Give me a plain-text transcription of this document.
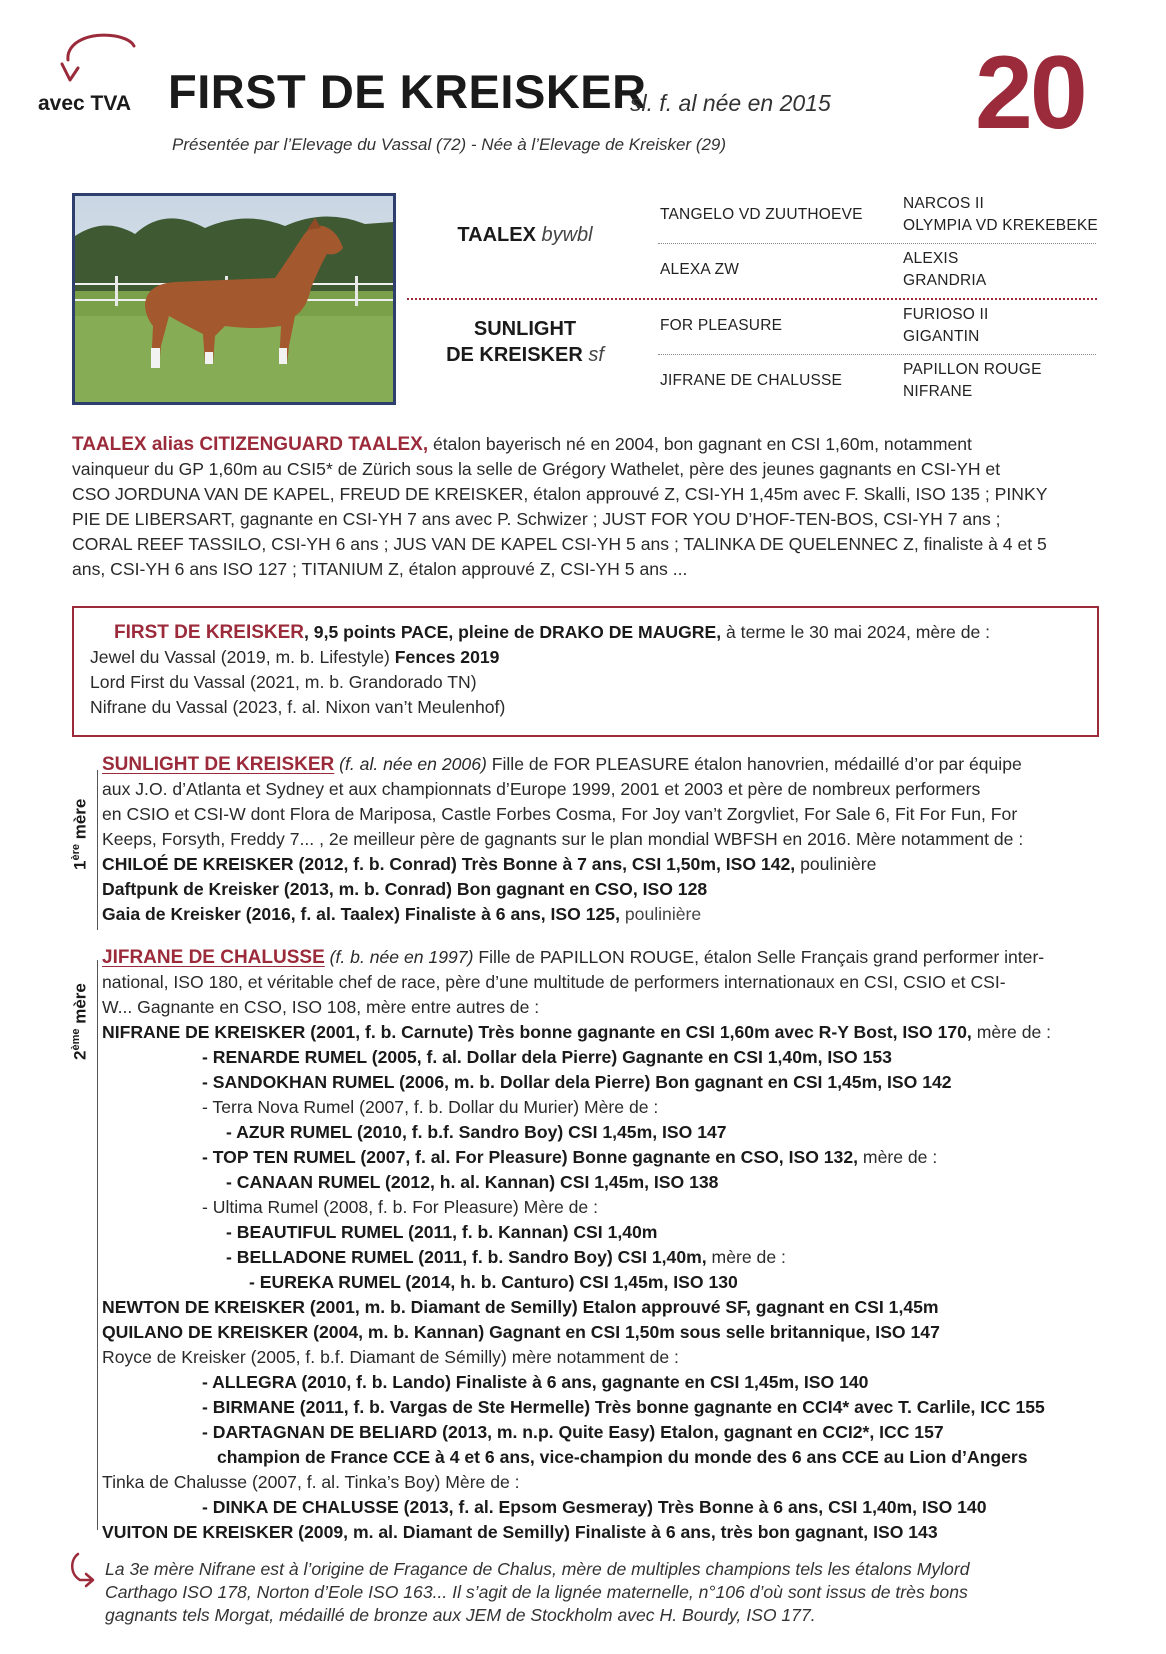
avec TVA FIRST DE KREISKER
sl. f. al née en 2015
Présentée par l’Elevage du Vassal (72) - Née à l’Elevage de Kreisker (29) 20
TAALEX bywbl
SUNLIGHT
DE KREISKER sf
TANGELO VD ZUUTHOEVE
ALEXA ZW
FOR PLEASURE
JIFRANE DE CHALUSSE
NARCOS II
OLYMPIA VD KREKEBEKE
ALEXIS
GRANDRIA
FURIOSO II
GIGANTIN
PAPILLON ROUGE
NIFRANE
TAALEX alias CITIZENGUARD TAALEX, étalon bayerisch né en 2004, bon gagnant en CSI 1,60m, notamment
vainqueur du GP 1,60m au CSI5* de Zürich sous la selle de Grégory Wathelet, père des jeunes gagnants en CSI-YH et
CSO JORDUNA VAN DE KAPEL, FREUD DE KREISKER, étalon approuvé Z, CSI-YH 1,45m avec F. Skalli, ISO 135 ; PINKY
PIE DE LIBERSART, gagnante en CSI-YH 7 ans avec P. Schwizer ; JUST FOR YOU D’HOF-TEN-BOS, CSI-YH 7 ans ;
CORAL REEF TASSILO, CSI-YH 6 ans ; JUS VAN DE KAPEL CSI-YH 5 ans ; TALINKA DE QUELENNEC Z, finaliste à 4 et 5
ans, CSI-YH 6 ans ISO 127 ; TITANIUM Z, étalon approuvé Z, CSI-YH 5 ans ...
FIRST DE KREISKER, 9,5 points PACE, pleine de DRAKO DE MAUGRE, à terme le 30 mai 2024, mère de :
Jewel du Vassal (2019, m. b. Lifestyle) Fences 2019
Lord First du Vassal (2021, m. b. Grandorado TN)
Nifrane du Vassal (2023, f. al. Nixon van’t Meulenhof)
1ère mère
SUNLIGHT DE KREISKER (f. al. née en 2006) Fille de FOR PLEASURE étalon hanovrien, médaillé d’or par équipe
aux J.O. d’Atlanta et Sydney et aux championnats d’Europe 1999, 2001 et 2003 et père de nombreux performers
en CSIO et CSI-W dont Flora de Mariposa, Castle Forbes Cosma, For Joy van’t Zorgvliet, For Sale 6, Fit For Fun, For
Keeps, Forsyth, Freddy 7... , 2e meilleur père de gagnants sur le plan mondial WBFSH en 2016. Mère notamment de :
CHILOÉ DE KREISKER (2012, f. b. Conrad) Très Bonne à 7 ans, CSI 1,50m, ISO 142, poulinière
Daftpunk de Kreisker (2013, m. b. Conrad) Bon gagnant en CSO, ISO 128
Gaia de Kreisker (2016, f. al. Taalex) Finaliste à 6 ans, ISO 125, poulinière
2ème mère
JIFRANE DE CHALUSSE (f. b. née en 1997) Fille de PAPILLON ROUGE, étalon Selle Français grand performer inter-
national, ISO 180, et véritable chef de race, père d’une multitude de performers internationaux en CSI, CSIO et CSI-
W... Gagnante en CSO, ISO 108, mère entre autres de :
NIFRANE DE KREISKER (2001, f. b. Carnute) Très bonne gagnante en CSI 1,60m avec R-Y Bost, ISO 170, mère de :
- RENARDE RUMEL (2005, f. al. Dollar dela Pierre) Gagnante en CSI 1,40m, ISO 153
- SANDOKHAN RUMEL (2006, m. b. Dollar dela Pierre) Bon gagnant en CSI 1,45m, ISO 142
- Terra Nova Rumel (2007, f. b. Dollar du Murier) Mère de :
- AZUR RUMEL (2010, f. b.f. Sandro Boy) CSI 1,45m, ISO 147
- TOP TEN RUMEL (2007, f. al. For Pleasure) Bonne gagnante en CSO, ISO 132, mère de :
- CANAAN RUMEL (2012, h. al. Kannan) CSI 1,45m, ISO 138
- Ultima Rumel (2008, f. b. For Pleasure) Mère de :
- BEAUTIFUL RUMEL (2011, f. b. Kannan) CSI 1,40m
- BELLADONE RUMEL (2011, f. b. Sandro Boy) CSI 1,40m, mère de :
- EUREKA RUMEL (2014, h. b. Canturo) CSI 1,45m, ISO 130
NEWTON DE KREISKER (2001, m. b. Diamant de Semilly) Etalon approuvé SF, gagnant en CSI 1,45m
QUILANO DE KREISKER (2004, m. b. Kannan) Gagnant en CSI 1,50m sous selle britannique, ISO 147
Royce de Kreisker (2005, f. b.f. Diamant de Sémilly) mère notamment de :
- ALLEGRA (2010, f. b. Lando) Finaliste à 6 ans, gagnante en CSI 1,45m, ISO 140
- BIRMANE (2011, f. b. Vargas de Ste Hermelle) Très bonne gagnante en CCI4* avec T. Carlile, ICC 155
- DARTAGNAN DE BELIARD (2013, m. n.p. Quite Easy) Etalon, gagnant en CCI2*, ICC 157
champion de France CCE à 4 et 6 ans, vice-champion du monde des 6 ans CCE au Lion d’Angers
Tinka de Chalusse (2007, f. al. Tinka’s Boy) Mère de :
- DINKA DE CHALUSSE (2013, f. al. Epsom Gesmeray) Très Bonne à 6 ans, CSI 1,40m, ISO 140
VUITON DE KREISKER (2009, m. al. Diamant de Semilly) Finaliste à 6 ans, très bon gagnant, ISO 143
La 3e mère Nifrane est à l’origine de Fragance de Chalus, mère de multiples champions tels les étalons Mylord
Carthago ISO 178, Norton d’Eole ISO 163... Il s’agit de la lignée maternelle, n°106 d’où sont issus de très bons
gagnants tels Morgat, médaillé de bronze aux JEM de Stockholm avec H. Bourdy, ISO 177.
